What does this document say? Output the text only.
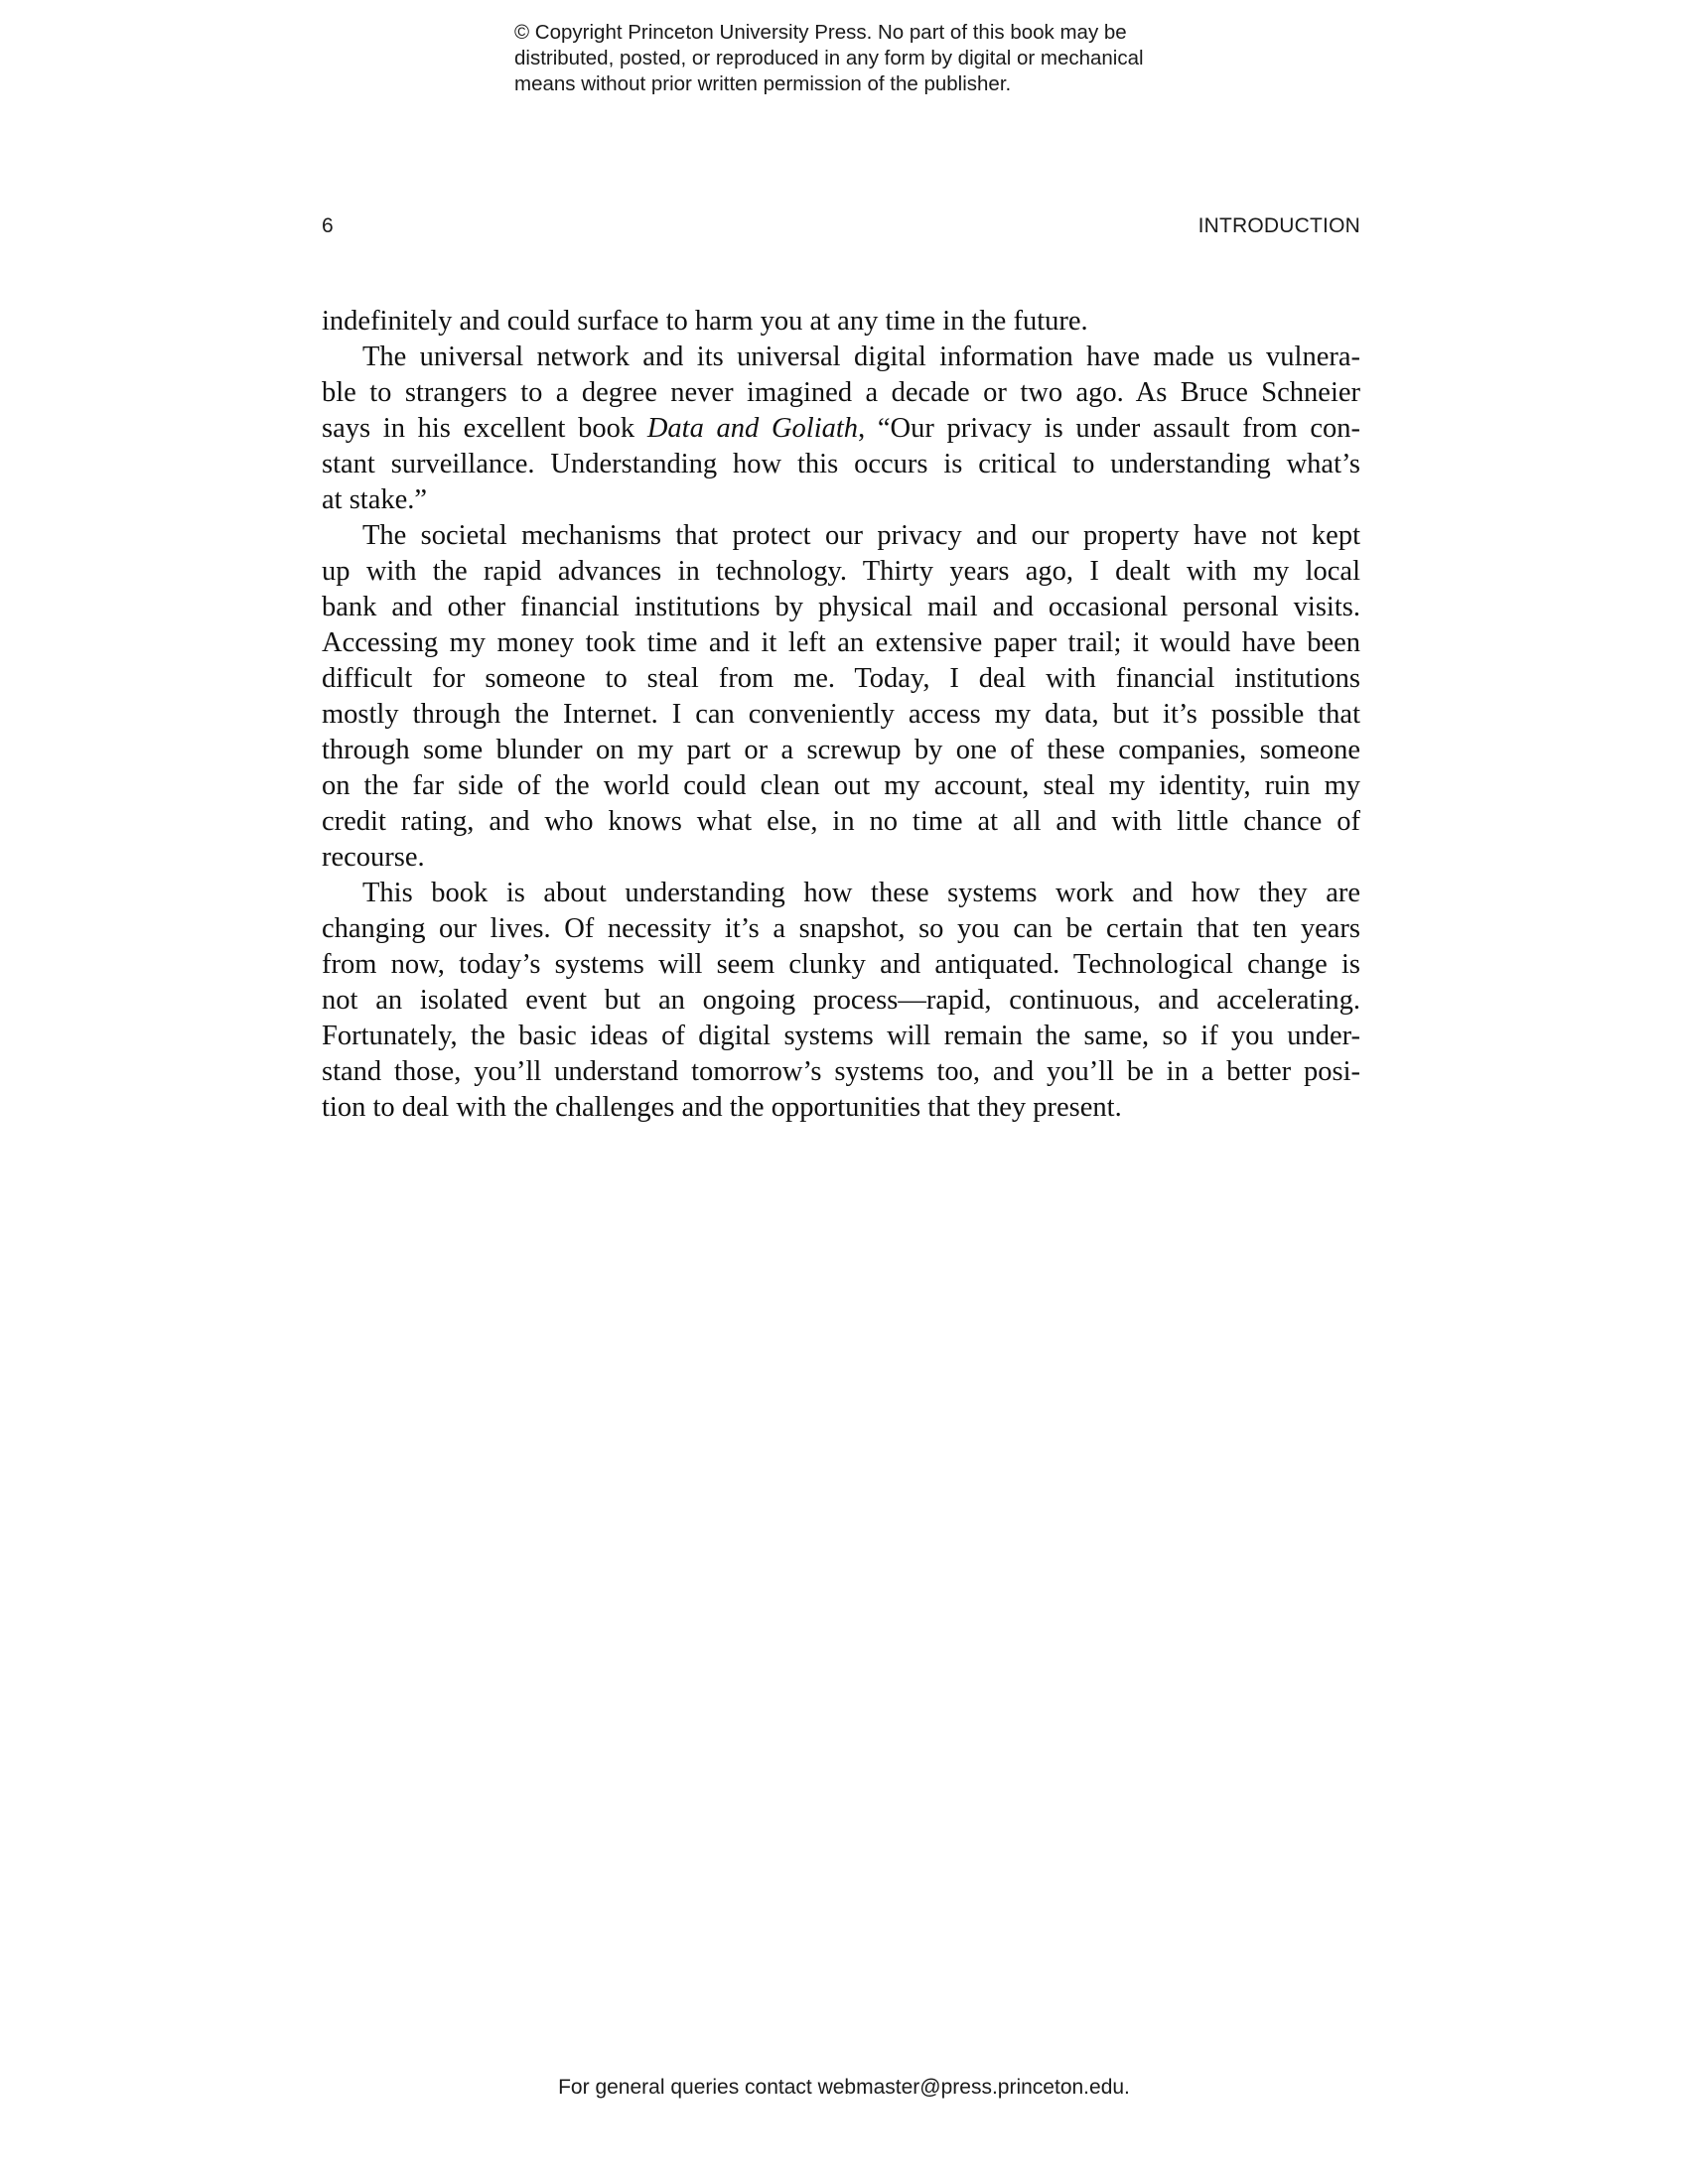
© Copyright Princeton University Press. No part of this book may be
distributed, posted, or reproduced in any form by digital or mechanical
means without prior written permission of the publisher.
6	INTRODUCTION
indefinitely and could surface to harm you at any time in the future.
The universal network and its universal digital information have made us vulnera-
ble to strangers to a degree never imagined a decade or two ago. As Bruce Schneier
says in his excellent book Data and Goliath, “Our privacy is under assault from con-
stant surveillance. Understanding how this occurs is critical to understanding what’s
at stake.”
The societal mechanisms that protect our privacy and our property have not kept
up with the rapid advances in technology. Thirty years ago, I dealt with my local
bank and other financial institutions by physical mail and occasional personal visits.
Accessing my money took time and it left an extensive paper trail; it would have been
difficult for someone to steal from me. Today, I deal with financial institutions
mostly through the Internet. I can conveniently access my data, but it’s possible that
through some blunder on my part or a screwup by one of these companies, someone
on the far side of the world could clean out my account, steal my identity, ruin my
credit rating, and who knows what else, in no time at all and with little chance of
recourse.
This book is about understanding how these systems work and how they are
changing our lives. Of necessity it’s a snapshot, so you can be certain that ten years
from now, today’s systems will seem clunky and antiquated. Technological change is
not an isolated event but an ongoing process—rapid, continuous, and accelerating.
Fortunately, the basic ideas of digital systems will remain the same, so if you under-
stand those, you’ll understand tomorrow’s systems too, and you’ll be in a better posi-
tion to deal with the challenges and the opportunities that they present.
For general queries contact webmaster@press.princeton.edu.
